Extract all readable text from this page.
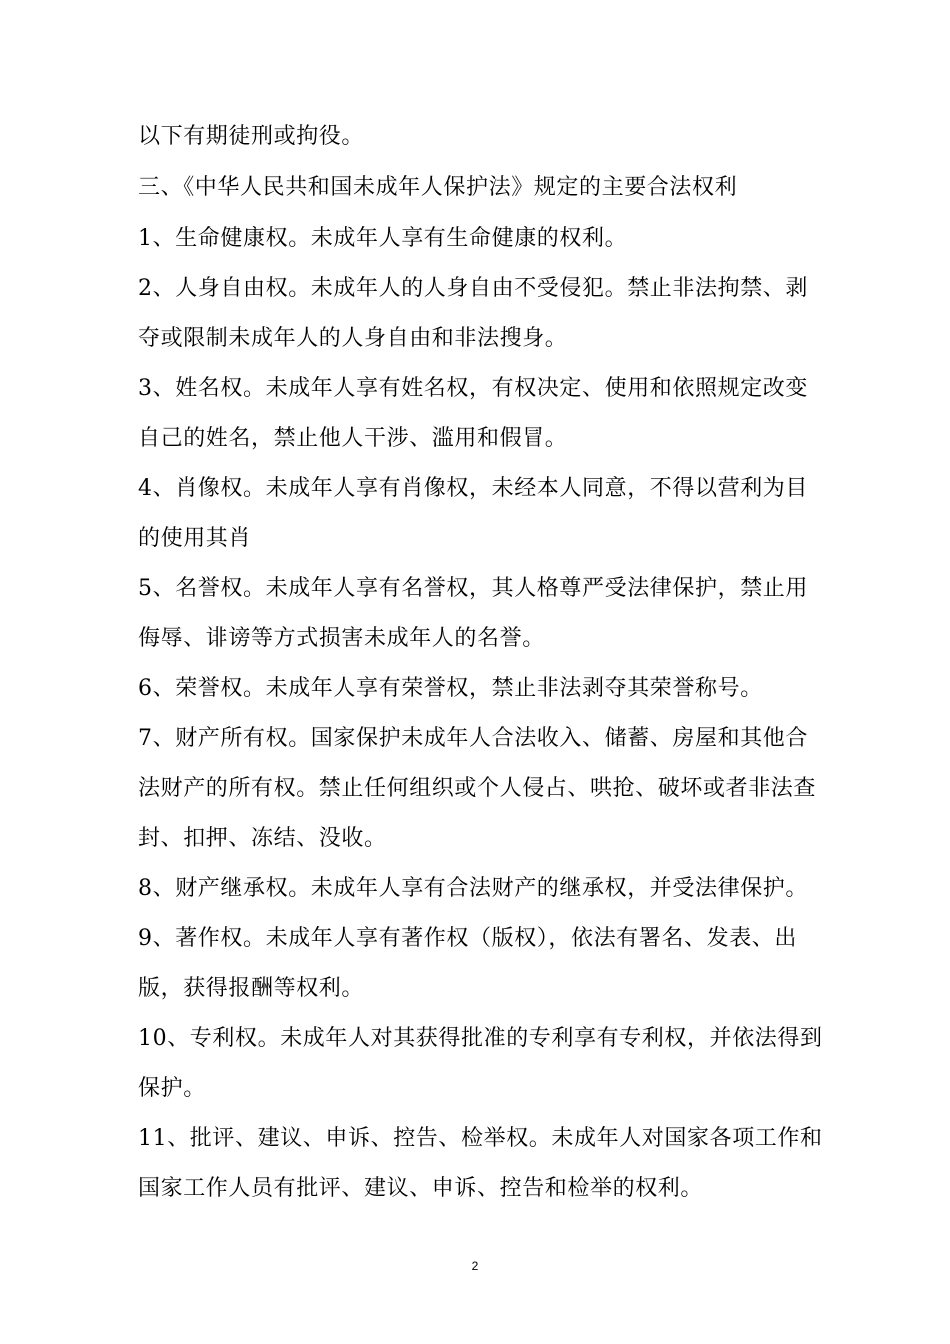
以下有期徒刑或拘役。
三、《中华人民共和国未成年人保护法》规定的主要合法权利
1、生命健康权。未成年人享有生命健康的权利。
2、人身自由权。未成年人的人身自由不受侵犯。禁止非法拘禁、剥
夺或限制未成年人的人身自由和非法搜身。
3、姓名权。未成年人享有姓名权，有权决定、使用和依照规定改变
自己的姓名，禁止他人干涉、滥用和假冒。
4、肖像权。未成年人享有肖像权，未经本人同意，不得以营利为目
的使用其肖
5、名誉权。未成年人享有名誉权，其人格尊严受法律保护，禁止用
侮辱、诽谤等方式损害未成年人的名誉。
6、荣誉权。未成年人享有荣誉权，禁止非法剥夺其荣誉称号。
7、财产所有权。国家保护未成年人合法收入、储蓄、房屋和其他合
法财产的所有权。禁止任何组织或个人侵占、哄抢、破坏或者非法查
封、扣押、冻结、没收。
8、财产继承权。未成年人享有合法财产的继承权，并受法律保护。
9、著作权。未成年人享有著作权（版权），依法有署名、发表、出
版，获得报酬等权利。
10、专利权。未成年人对其获得批准的专利享有专利权，并依法得到
保护。
11、批评、建议、申诉、控告、检举权。未成年人对国家各项工作和
国家工作人员有批评、建议、申诉、控告和检举的权利。
2
